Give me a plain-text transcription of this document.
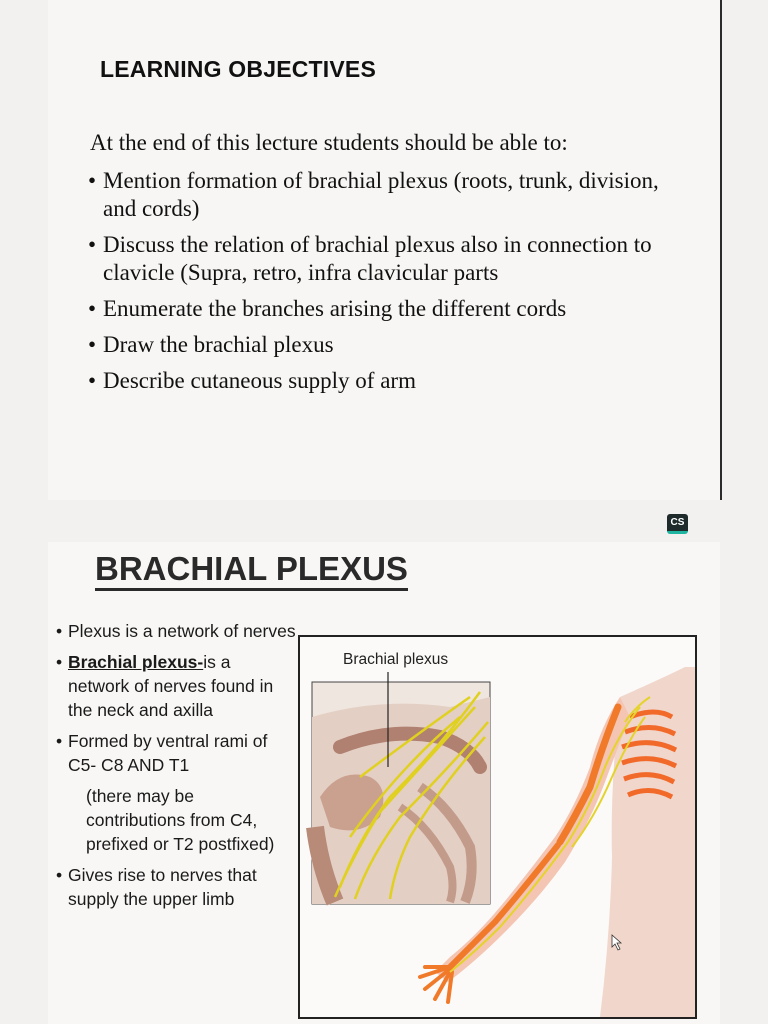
LEARNING OBJECTIVES
At the end of this lecture students should be able to:
• Mention formation of brachial plexus (roots, trunk, division, and cords)
• Discuss the relation of brachial plexus also in connection to clavicle (Supra, retro, infra clavicular parts
• Enumerate the branches arising the different cords
• Draw the brachial plexus
• Describe cutaneous supply of arm
CS
BRACHIAL PLEXUS
• Plexus is a network of nerves
• Brachial plexus-is a network of nerves found in the neck and axilla
• Formed by ventral rami of C5- C8 AND T1
(there may be contributions from C4, prefixed or T2 postfixed)
• Gives rise to nerves that supply the upper limb
Brachial plexus
